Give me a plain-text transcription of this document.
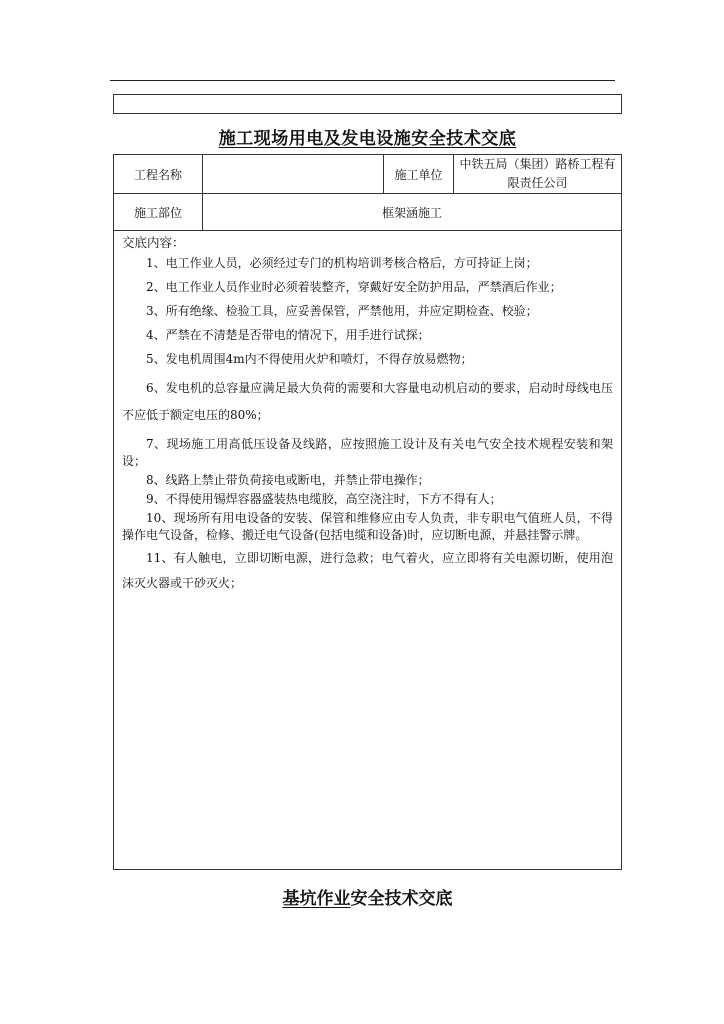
施工现场用电及发电设施安全技术交底
工程名称	施工单位
中铁五局（集团）路桥工程有限责任公司
施工部位	框架涵施工

交底内容：

1、电工作业人员，必须经过专门的机构培训考核合格后，方可持证上岗；

2、电工作业人员作业时必须着装整齐，穿戴好安全防护用品，严禁酒后作业；

3、所有绝缘、检验工具，应妥善保管，严禁他用，并应定期检查、校验；

4、严禁在不清楚是否带电的情况下，用手进行试探；

5、发电机周围4m内不得使用火炉和喷灯，不得存放易燃物；

6、发电机的总容量应满足最大负荷的需要和大容量电动机启动的要求，启动时母线电压不应低于额定电压的80%；

7、现场施工用高低压设备及线路，应按照施工设计及有关电气安全技术规程安装和架设；

8、线路上禁止带负荷接电或断电，并禁止带电操作；

9、不得使用锡焊容器盛装热电缆胶，高空浇注时，下方不得有人；

10、现场所有用电设备的安装、保管和维修应由专人负责，非专职电气值班人员，不得操作电气设备，检修、搬迁电气设备(包括电缆和设备)时，应切断电源，并悬挂警示牌。

11、有人触电，立即切断电源，进行急救；电气着火，应立即将有关电源切断，使用泡沫灭火器或干砂灭火；

基坑作业安全技术交底
